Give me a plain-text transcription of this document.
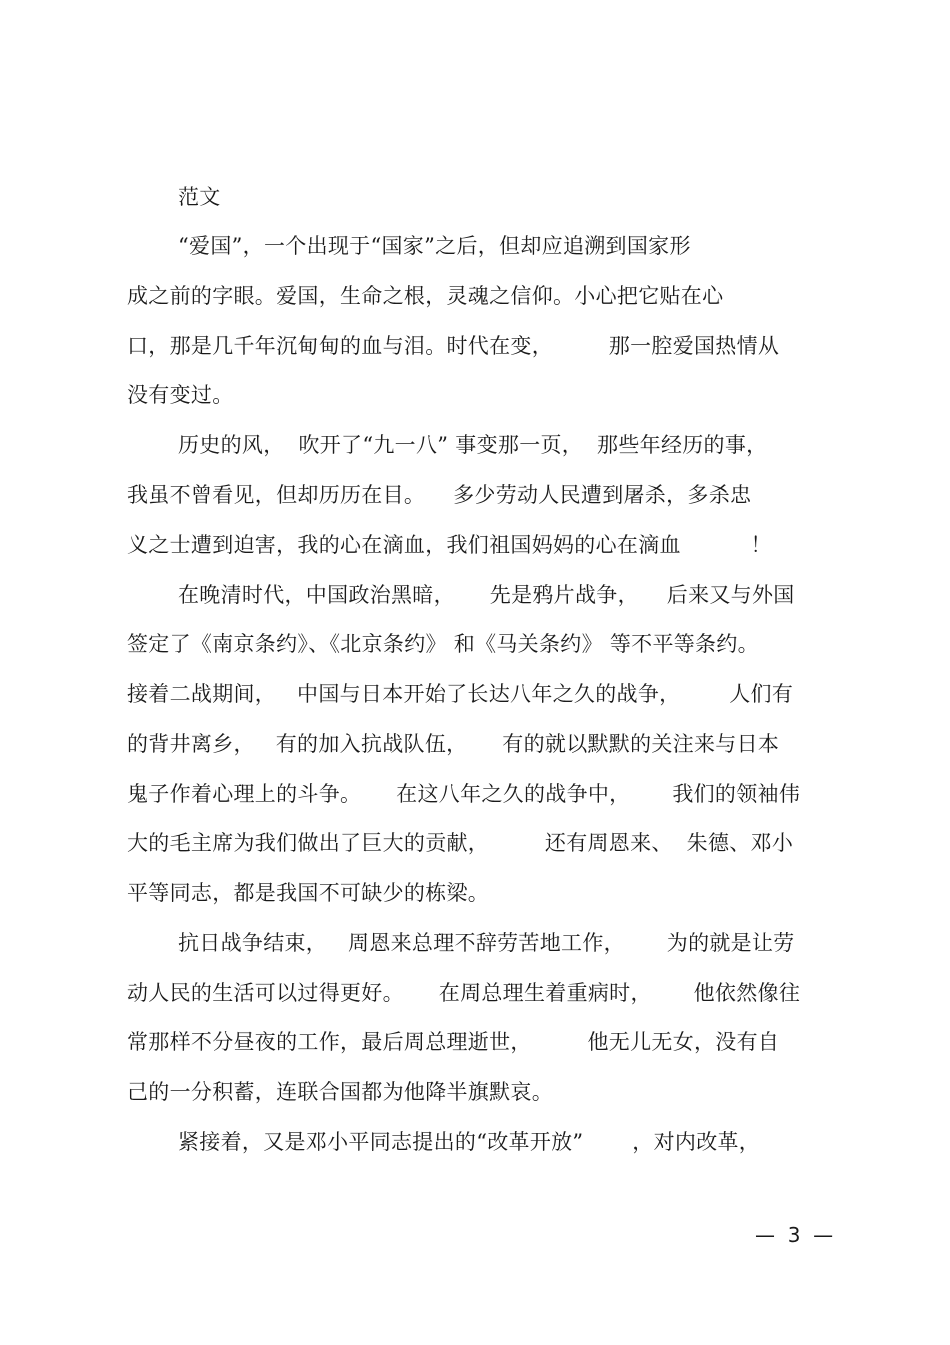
范文
“爱国”，一个出现于“国家”之后，但却应追溯到国家形
成之前的字眼。爱国，生命之根，灵魂之信仰。小心把它贴在心
口，那是几千年沉甸甸的血与泪。时代在变，        那一腔爱国热情从
没有变过。
历史的风，  吹开了“九一八” 事变那一页，  那些年经历的事，
我虽不曾看见，但却历历在目。    多少劳动人民遭到屠杀，多杀忠
义之士遭到迫害，我的心在滴血，我们祖国妈妈的心在滴血          ！
在晚清时代，中国政治黑暗，     先是鸦片战争，    后来又与外国
签定了《南京条约》、《北京条约》 和《马关条约》 等不平等条约。
接着二战期间，   中国与日本开始了长达八年之久的战争，       人们有
的背井离乡，   有的加入抗战队伍，     有的就以默默的关注来与日本
鬼子作着心理上的斗争。     在这八年之久的战争中，      我们的领袖伟
大的毛主席为我们做出了巨大的贡献，        还有周恩来、  朱德、邓小
平等同志，都是我国不可缺少的栋梁。
抗日战争结束，   周恩来总理不辞劳苦地工作，      为的就是让劳
动人民的生活可以过得更好。     在周总理生着重病时，      他依然像往
常那样不分昼夜的工作，最后周总理逝世，        他无儿无女，没有自
己的一分积蓄，连联合国都为他降半旗默哀。
紧接着，又是邓小平同志提出的“改革开放”       ，对内改革，
—  3  —
